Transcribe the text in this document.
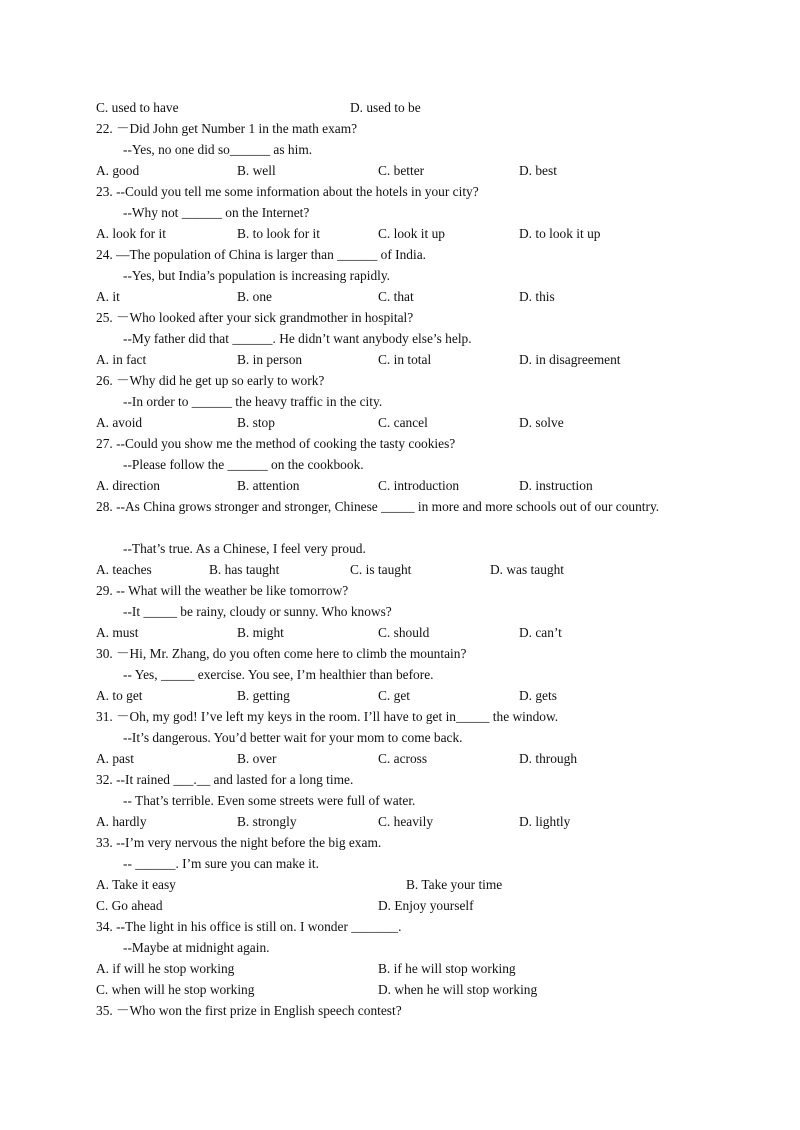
C. used to have	D. used to be
22. －Did John get Number 1 in the math exam?
--Yes, no one did so______ as him.
A. good	B. well	C. better	D. best
23. --Could you tell me some information about the hotels in your city?
--Why not ______ on the Internet?
A. look for it	B. to look for it	C. look it up	D. to look it up
24. —The population of China is larger than ______ of India.
--Yes, but India’s population is increasing rapidly.
A. it	B. one	C. that	D. this
25. －Who looked after your sick grandmother in hospital?
--My father did that ______. He didn’t want anybody else’s help.
A. in fact	B. in person	C. in total	D. in disagreement
26. －Why did he get up so early to work?
--In order to ______ the heavy traffic in the city.
A. avoid	B. stop	C. cancel	D. solve
27. --Could you show me the method of cooking the tasty cookies?
--Please follow the ______ on the cookbook.
A. direction	B. attention	C. introduction	D. instruction
28. --As China grows stronger and stronger, Chinese _____ in more and more schools out of our country.
--That’s true. As a Chinese, I feel very proud.
A. teaches	B. has taught	C. is taught	D. was taught
29. -- What will the weather be like tomorrow?
--It _____ be rainy, cloudy or sunny. Who knows?
A. must	B. might	C. should	D. can’t
30. －Hi, Mr. Zhang, do you often come here to climb the mountain?
-- Yes, _____ exercise. You see, I’m healthier than before.
A. to get	B. getting	C. get	D. gets
31. －Oh, my god! I’ve left my keys in the room. I’ll have to get in_____ the window.
--It’s dangerous. You’d better wait for your mom to come back.
A. past	B. over	C. across	D. through
32. --It rained ___.__ and lasted for a long time.
-- That’s terrible. Even some streets were full of water.
A. hardly	B. strongly	C. heavily	D. lightly
33. --I’m very nervous the night before the big exam.
-- ______. I’m sure you can make it.
A. Take it easy	B. Take your time
C. Go ahead	D. Enjoy yourself
34. --The light in his office is still on. I wonder _______.
--Maybe at midnight again.
A. if will he stop working	B. if he will stop working
C. when will he stop working	D. when he will stop working
35. －Who won the first prize in English speech contest?
